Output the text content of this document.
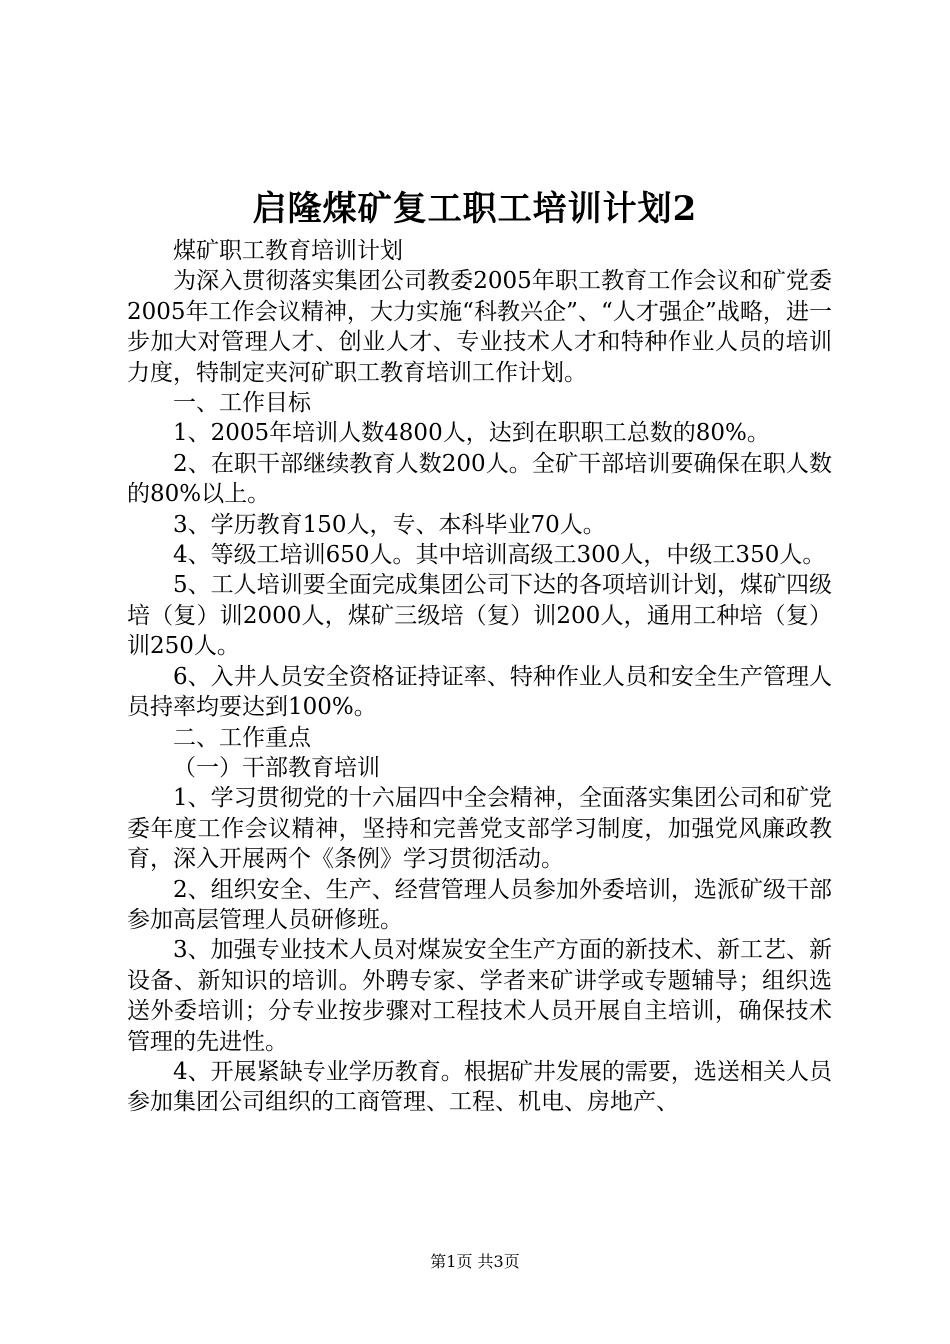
启隆煤矿复工职工培训计划2

煤矿职工教育培训计划

为深入贯彻落实集团公司教委2005年职工教育工作会议和矿党委2005年工作会议精神，大力实施“科教兴企”、“人才强企”战略，进一步加大对管理人才、创业人才、专业技术人才和特种作业人员的培训力度，特制定夹河矿职工教育培训工作计划。

一、工作目标

1、2005年培训人数4800人，达到在职职工总数的80%。

2、在职干部继续教育人数200人。全矿干部培训要确保在职人数的80%以上。

3、学历教育150人，专、本科毕业70人。

4、等级工培训650人。其中培训高级工300人，中级工350人。

5、工人培训要全面完成集团公司下达的各项培训计划，煤矿四级培（复）训2000人，煤矿三级培（复）训200人，通用工种培（复）训250人。

6、入井人员安全资格证持证率、特种作业人员和安全生产管理人员持率均要达到100%。

二、工作重点

（一）干部教育培训

1、学习贯彻党的十六届四中全会精神，全面落实集团公司和矿党委年度工作会议精神，坚持和完善党支部学习制度，加强党风廉政教育，深入开展两个《条例》学习贯彻活动。

2、组织安全、生产、经营管理人员参加外委培训，选派矿级干部参加高层管理人员研修班。

3、加强专业技术人员对煤炭安全生产方面的新技术、新工艺、新设备、新知识的培训。外聘专家、学者来矿讲学或专题辅导；组织选送外委培训；分专业按步骤对工程技术人员开展自主培训，确保技术管理的先进性。

4、开展紧缺专业学历教育。根据矿井发展的需要，选送相关人员参加集团公司组织的工商管理、工程、机电、房地产、

第1页 共3页
